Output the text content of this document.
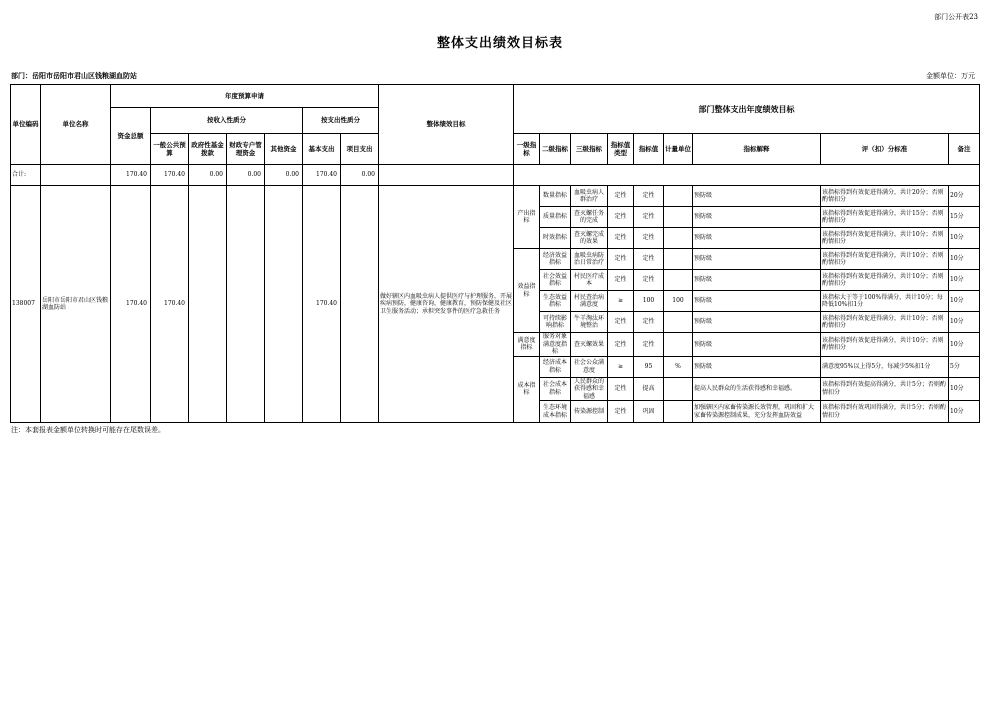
部门公开表23
整体支出绩效目标表
部门：岳阳市岳阳市君山区钱粮湖血防站	金额单位：万元
单位编码	单位名称	年度预算申请							整体绩效目标	部门整体支出年度绩效目标								
		资金总额	按收入性质分				按支出性质分											
			一般公共预算	政府性基金拨款	财政专户管理资金	其他资金	基本支出	项目支出		一级指标	二级指标	三级指标	指标值类型	指标值	计量单位	指标解释	评（扣）分标准	备注
合计:		170.40	170.40	0.00	0.00	0.00	170.40	0.00										
138007	岳阳市岳阳市君山区钱粮湖血防站	170.40	170.40				170.40		做好辖区内血吸虫病人提供医疗与护理服务，开展疾病预防，健康咨询，健康教育，预防保健及社区卫生服务活动；承担突发事件的医疗急救任务	产出指标	数量指标	血吸虫病人群治疗	定性	定性		预防级	该指标得到有效促进得满分，共计20分；否则酌情扣分	20分
											质量指标	查灭螺任务的完成	定性	定性		预防级	该指标得到有效促进得满分，共计15分；否则酌情扣分	15分
											时效指标	查灭螺完成的效果	定性	定性		预防级	该指标得到有效促进得满分，共计10分；否则酌情扣分	10分
										效益指标	经济效益指标	血吸虫病防治日常治疗	定性	定性		预防级	该指标得到有效促进得满分，共计10分；否则酌情扣分	10分
											社会效益指标	村民医疗成本	定性	定性		预防级	该指标得到有效促进得满分，共计10分；否则酌情扣分	10分
											生态效益指标	村民查治病满意度	≥	100	100	预防级	该指标大于等于100%得满分，共计10分；每降低10%扣1分	10分
											可持续影响指标	牛羊淘汰环境整治	定性	定性		预防级	该指标得到有效促进得满分，共计10分；否则酌情扣分	10分
										满意度指标	服务对象满意度指标	查灭螺效果	定性	定性		预防级	该指标得到有效促进得满分，共计10分；否则酌情扣分	10分
										成本指标	经济成本指标	社会公众满意度	≥	95	%	预防级	满意度95%以上得5分，每减少5%扣1分	5分
											社会成本指标	人民群众的获得感和幸福感	定性	提高		提高人民群众的生活获得感和幸福感。	该指标得到有效提高得满分，共计5分；否则酌情扣分	10分
											生态环境成本指标	传染源控制	定性	巩固		加强辖区内家畜传染源长效管理，巩固和扩大家畜传染源控制成果，充分发挥血防效益	该指标得到有效巩固得满分，共计5分；否则酌情扣分	10分
注：本套报表金额单位转换时可能存在尾数误差。
